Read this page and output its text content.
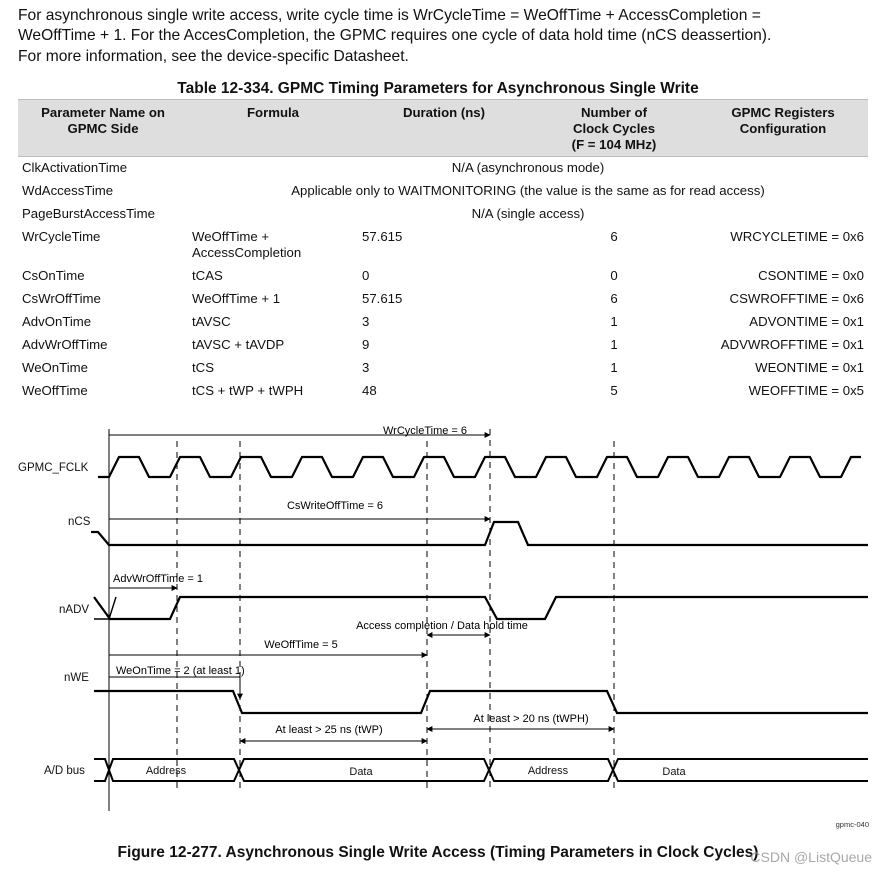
For asynchronous single write access, write cycle time is WrCycleTime = WeOffTime + AccessCompletion =
WeOffTime + 1. For the AccesCompletion, the GPMC requires one cycle of data hold time (nCS deassertion).
For more information, see the device-specific Datasheet.
Table 12-334. GPMC Timing Parameters for Asynchronous Single Write
Parameter Name on
GPMC Side	Formula	Duration (ns)	Number of
Clock Cycles
(F = 104 MHz)	GPMC Registers
Configuration
ClkActivationTime	N/A (asynchronous mode)			
WdAccessTime	Applicable only to WAITMONITORING (the value is the same as for read access)			
PageBurstAccessTime	N/A (single access)			
WrCycleTime	WeOffTime +
AccessCompletion	57.615	6	WRCYCLETIME = 0x6
CsOnTime	tCAS	0	0	CSONTIME = 0x0
CsWrOffTime	WeOffTime + 1	57.615	6	CSWROFFTIME = 0x6
AdvOnTime	tAVSC	3	1	ADVONTIME = 0x1
AdvWrOffTime	tAVSC + tAVDP	9	1	ADVWROFFTIME = 0x1
WeOnTime	tCS	3	1	WEONTIME = 0x1
WeOffTime	tCS + tWP + tWPH	48	5	WEOFFTIME = 0x5
GPMC_FCLK
nCS
nADV
nWE
A/D bus	Address	Data	Address	Data
WrCycleTime = 6
CsWriteOffTime = 6
AdvWrOffTime = 1
Access completion / Data hold time
WeOffTime = 5
WeOnTime = 2 (at least 1)
At least > 25 ns (tWP)
At least > 20 ns (tWPH)
gpmc-040
Figure 12-277. Asynchronous Single Write Access (Timing Parameters in Clock Cycles)
CSDN @ListQueue
